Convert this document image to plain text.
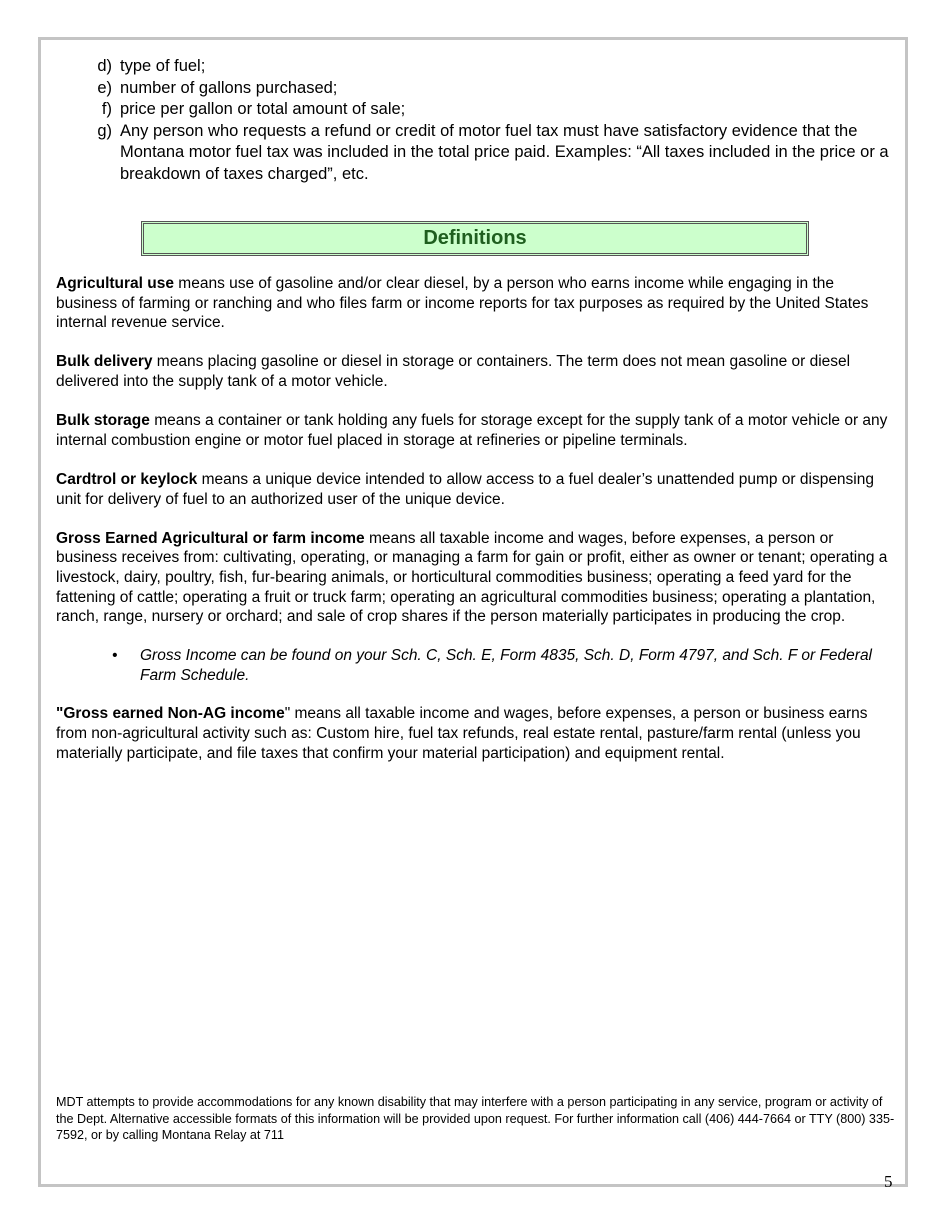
d) type of fuel;
e) number of gallons purchased;
f) price per gallon or total amount of sale;
g) Any person who requests a refund or credit of motor fuel tax must have satisfactory evidence that the Montana motor fuel tax was included in the total price paid. Examples: “All taxes included in the price or a breakdown of taxes charged”, etc.
Definitions

Agricultural use means use of gasoline and/or clear diesel, by a person who earns income while engaging in the business of farming or ranching and who files farm or income reports for tax purposes as required by the United States internal revenue service.

Bulk delivery means placing gasoline or diesel in storage or containers. The term does not mean gasoline or diesel delivered into the supply tank of a motor vehicle.

Bulk storage means a container or tank holding any fuels for storage except for the supply tank of a motor vehicle or any internal combustion engine or motor fuel placed in storage at refineries or pipeline terminals.

Cardtrol or keylock means a unique device intended to allow access to a fuel dealer’s unattended pump or dispensing unit for delivery of fuel to an authorized user of the unique device.

Gross Earned Agricultural or farm income means all taxable income and wages, before expenses, a person or business receives from: cultivating, operating, or managing a farm for gain or profit, either as owner or tenant; operating a livestock, dairy, poultry, fish, fur-bearing animals, or horticultural commodities business; operating a feed yard for the fattening of cattle; operating a fruit or truck farm; operating an agricultural commodities business; operating a plantation, ranch, range, nursery or orchard; and sale of crop shares if the person materially participates in producing the crop.

•	Gross Income can be found on your Sch. C, Sch. E, Form 4835, Sch. D, Form 4797, and Sch. F or Federal Farm Schedule.

"Gross earned Non-AG income" means all taxable income and wages, before expenses, a person or business earns from non-agricultural activity such as: Custom hire, fuel tax refunds, real estate rental, pasture/farm rental (unless you materially participate, and file taxes that confirm your material participation) and equipment rental.

MDT attempts to provide accommodations for any known disability that may interfere with a person participating in any service, program or activity of the Dept. Alternative accessible formats of this information will be provided upon request. For further information call (406) 444-7664 or TTY (800) 335-7592, or by calling Montana Relay at 711
5
